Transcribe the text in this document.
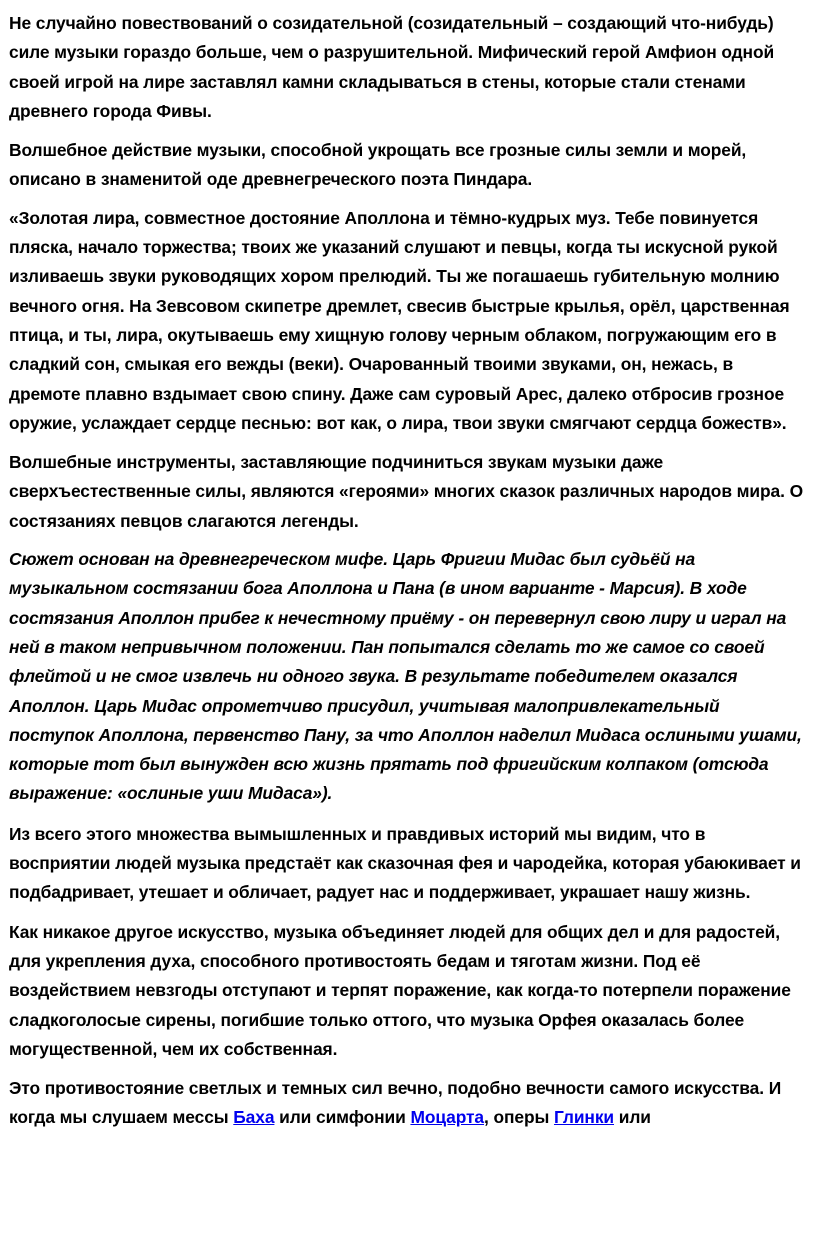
Не случайно повествований о созидательной (созидательный – создающий что-нибудь) силе музыки гораздо больше, чем о разрушительной. Мифический герой Амфион одной своей игрой на лире заставлял камни складываться в стены, которые стали стенами древнего города Фивы.

Волшебное действие музыки, способной укрощать все грозные силы земли и морей, описано в знаменитой оде древнегреческого поэта Пиндара.

«Золотая лира, совместное достояние Аполлона и тёмно-кудрых муз. Тебе повинуется пляска, начало торжества; твоих же указаний слушают и певцы, когда ты искусной рукой изливаешь звуки руководящих хором прелюдий. Ты же погашаешь губительную молнию вечного огня. На Зевсовом скипетре дремлет, свесив быстрые крылья, орёл, царственная птица, и ты, лира, окутываешь ему хищную голову черным облаком, погружающим его в сладкий сон, смыкая его вежды (веки). Очарованный твоими звуками, он, нежась, в дремоте плавно вздымает свою спину. Даже сам суровый Арес, далеко отбросив грозное оружие, услаждает сердце песнью: вот как, о лира, твои звуки смягчают сердца божеств».

Волшебные инструменты, заставляющие подчиниться звукам музыки даже сверхъестественные силы, являются «героями» многих сказок различных народов мира. О состязаниях певцов слагаются легенды.

Сюжет основан на древнегреческом мифе. Царь Фригии Мидас был судьёй на музыкальном состязании бога Аполлона и Пана (в ином варианте - Марсия). В ходе состязания Аполлон прибег к нечестному приёму - он перевернул свою лиру и играл на ней в таком непривычном положении. Пан попытался сделать то же самое со своей флейтой и не смог извлечь ни одного звука. В результате победителем оказался Аполлон. Царь Мидас опрометчиво присудил, учитывая малопривлекательный поступок Аполлона, первенство Пану, за что Аполлон наделил Мидаса ослиными ушами, которые тот был вынужден всю жизнь прятать под фригийским колпаком (отсюда выражение: «ослиные уши Мидаса»).

Из всего этого множества вымышленных и правдивых историй мы видим, что в восприятии людей музыка предстаёт как сказочная фея и чародейка, которая убаюкивает и подбадривает, утешает и обличает, радует нас и поддерживает, украшает нашу жизнь.

Как никакое другое искусство, музыка объединяет людей для общих дел и для радостей, для укрепления духа, способного противостоять бедам и тяготам жизни. Под её воздействием невзгоды отступают и терпят поражение, как когда-то потерпели поражение сладкоголосые сирены, погибшие только оттого, что музыка Орфея оказалась более могущественной, чем их собственная.

Это противостояние светлых и темных сил вечно, подобно вечности самого искусства. И когда мы слушаем мессы Баха или симфонии Моцарта, оперы Глинки или
